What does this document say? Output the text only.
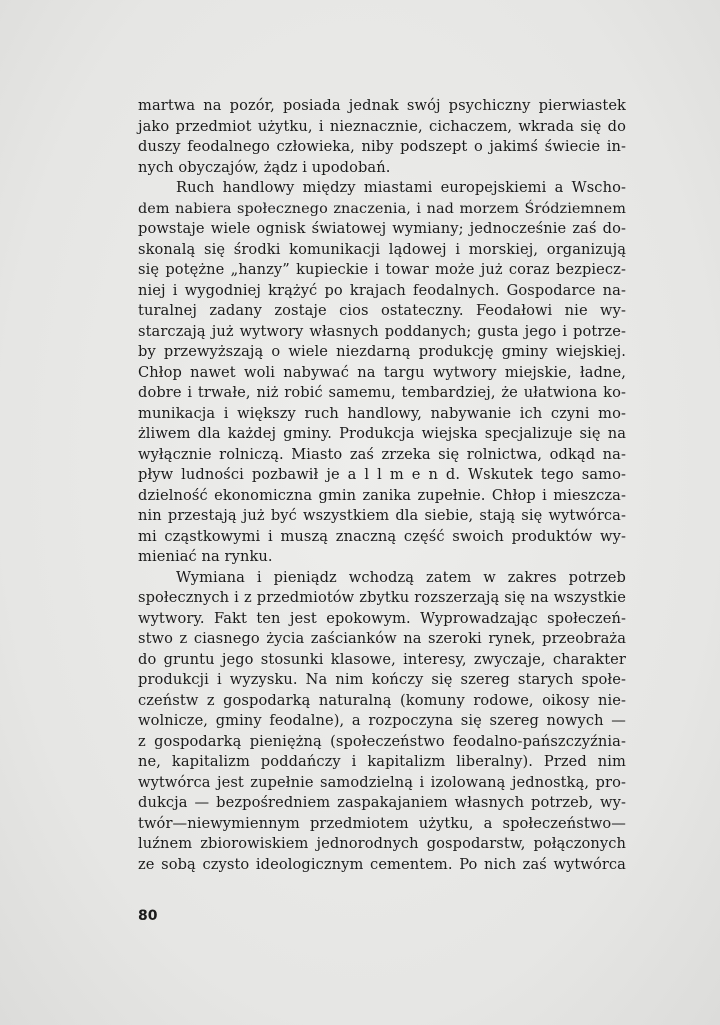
martwa na pozór, posiada jednak swój psychiczny pierwiastek
jako przedmiot użytku, i nieznacznie, cichaczem, wkrada się do
duszy feodalnego człowieka, niby podszept o jakimś świecie in-
nych obyczajów, żądz i upodobań.
Ruch handlowy między miastami europejskiemi a Wscho-
dem nabiera społecznego znaczenia, i nad morzem Śródziemnem
powstaje wiele ognisk światowej wymiany; jednocześnie zaś do-
skonalą się środki komunikacji lądowej i morskiej, organizują
się potężne „hanzy” kupieckie i towar może już coraz bezpiecz-
niej i wygodniej krążyć po krajach feodalnych. Gospodarce na-
turalnej zadany zostaje cios ostateczny. Feodałowi nie wy-
starczają już wytwory własnych poddanych; gusta jego i potrze-
by przewyższają o wiele niezdarną produkcję gminy wiejskiej.
Chłop nawet woli nabywać na targu wytwory miejskie, ładne,
dobre i trwałe, niż robić samemu, tembardziej, że ułatwiona ko-
munikacja i większy ruch handlowy, nabywanie ich czyni mo-
żliwem dla każdej gminy. Produkcja wiejska specjalizuje się na
wyłącznie rolniczą. Miasto zaś zrzeka się rolnictwa, odkąd na-
pływ ludności pozbawił je a l l m e n d. Wskutek tego samo-
dzielność ekonomiczna gmin zanika zupełnie. Chłop i mieszcza-
nin przestają już być wszystkiem dla siebie, stają się wytwórca-
mi cząstkowymi i muszą znaczną część swoich produktów wy-
mieniać na rynku.
Wymiana i pieniądz wchodzą zatem w zakres potrzeb
społecznych i z przedmiotów zbytku rozszerzają się na wszystkie
wytwory. Fakt ten jest epokowym. Wyprowadzając społeczeń-
stwo z ciasnego życia zaścianków na szeroki rynek, przeobraża
do gruntu jego stosunki klasowe, interesy, zwyczaje, charakter
produkcji i wyzysku. Na nim kończy się szereg starych społe-
czeństw z gospodarką naturalną (komuny rodowe, oikosy nie-
wolnicze, gminy feodalne), a rozpoczyna się szereg nowych —
z gospodarką pieniężną (społeczeństwo feodalno-pańszczyźnia-
ne, kapitalizm poddańczy i kapitalizm liberalny). Przed nim
wytwórca jest zupełnie samodzielną i izolowaną jednostką, pro-
dukcja — bezpośredniem zaspakajaniem własnych potrzeb, wy-
twór—niewymiennym przedmiotem użytku, a społeczeństwo—
luźnem zbiorowiskiem jednorodnych gospodarstw, połączonych
ze sobą czysto ideologicznym cementem. Po nich zaś wytwórca
80
